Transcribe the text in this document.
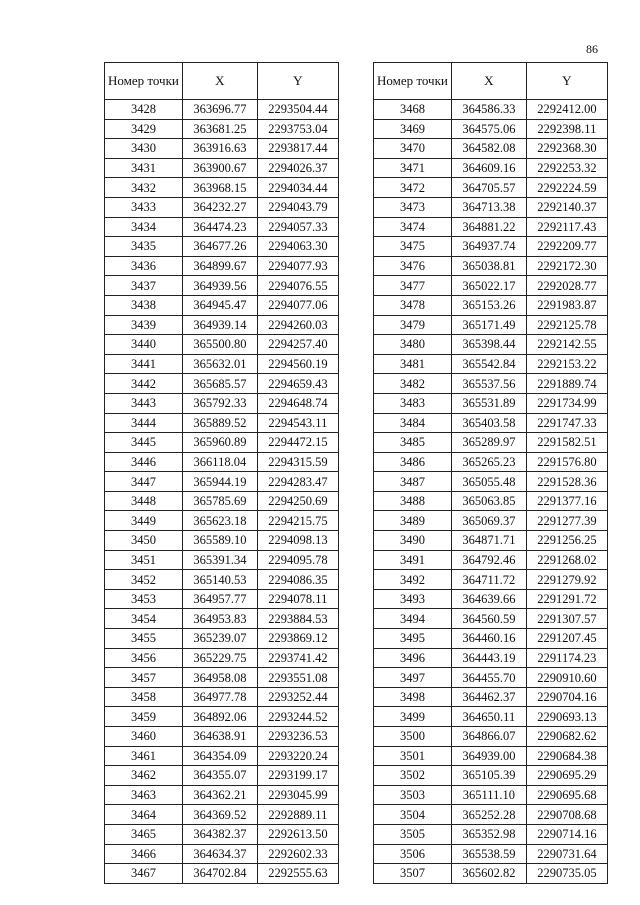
86
Номер точки	X	Y
3428	363696.77	2293504.44
3429	363681.25	2293753.04
3430	363916.63	2293817.44
3431	363900.67	2294026.37
3432	363968.15	2294034.44
3433	364232.27	2294043.79
3434	364474.23	2294057.33
3435	364677.26	2294063.30
3436	364899.67	2294077.93
3437	364939.56	2294076.55
3438	364945.47	2294077.06
3439	364939.14	2294260.03
3440	365500.80	2294257.40
3441	365632.01	2294560.19
3442	365685.57	2294659.43
3443	365792.33	2294648.74
3444	365889.52	2294543.11
3445	365960.89	2294472.15
3446	366118.04	2294315.59
3447	365944.19	2294283.47
3448	365785.69	2294250.69
3449	365623.18	2294215.75
3450	365589.10	2294098.13
3451	365391.34	2294095.78
3452	365140.53	2294086.35
3453	364957.77	2294078.11
3454	364953.83	2293884.53
3455	365239.07	2293869.12
3456	365229.75	2293741.42
3457	364958.08	2293551.08
3458	364977.78	2293252.44
3459	364892.06	2293244.52
3460	364638.91	2293236.53
3461	364354.09	2293220.24
3462	364355.07	2293199.17
3463	364362.21	2293045.99
3464	364369.52	2292889.11
3465	364382.37	2292613.50
3466	364634.37	2292602.33
3467	364702.84	2292555.63
Номер точки	X	Y
3468	364586.33	2292412.00
3469	364575.06	2292398.11
3470	364582.08	2292368.30
3471	364609.16	2292253.32
3472	364705.57	2292224.59
3473	364713.38	2292140.37
3474	364881.22	2292117.43
3475	364937.74	2292209.77
3476	365038.81	2292172.30
3477	365022.17	2292028.77
3478	365153.26	2291983.87
3479	365171.49	2292125.78
3480	365398.44	2292142.55
3481	365542.84	2292153.22
3482	365537.56	2291889.74
3483	365531.89	2291734.99
3484	365403.58	2291747.33
3485	365289.97	2291582.51
3486	365265.23	2291576.80
3487	365055.48	2291528.36
3488	365063.85	2291377.16
3489	365069.37	2291277.39
3490	364871.71	2291256.25
3491	364792.46	2291268.02
3492	364711.72	2291279.92
3493	364639.66	2291291.72
3494	364560.59	2291307.57
3495	364460.16	2291207.45
3496	364443.19	2291174.23
3497	364455.70	2290910.60
3498	364462.37	2290704.16
3499	364650.11	2290693.13
3500	364866.07	2290682.62
3501	364939.00	2290684.38
3502	365105.39	2290695.29
3503	365111.10	2290695.68
3504	365252.28	2290708.68
3505	365352.98	2290714.16
3506	365538.59	2290731.64
3507	365602.82	2290735.05
